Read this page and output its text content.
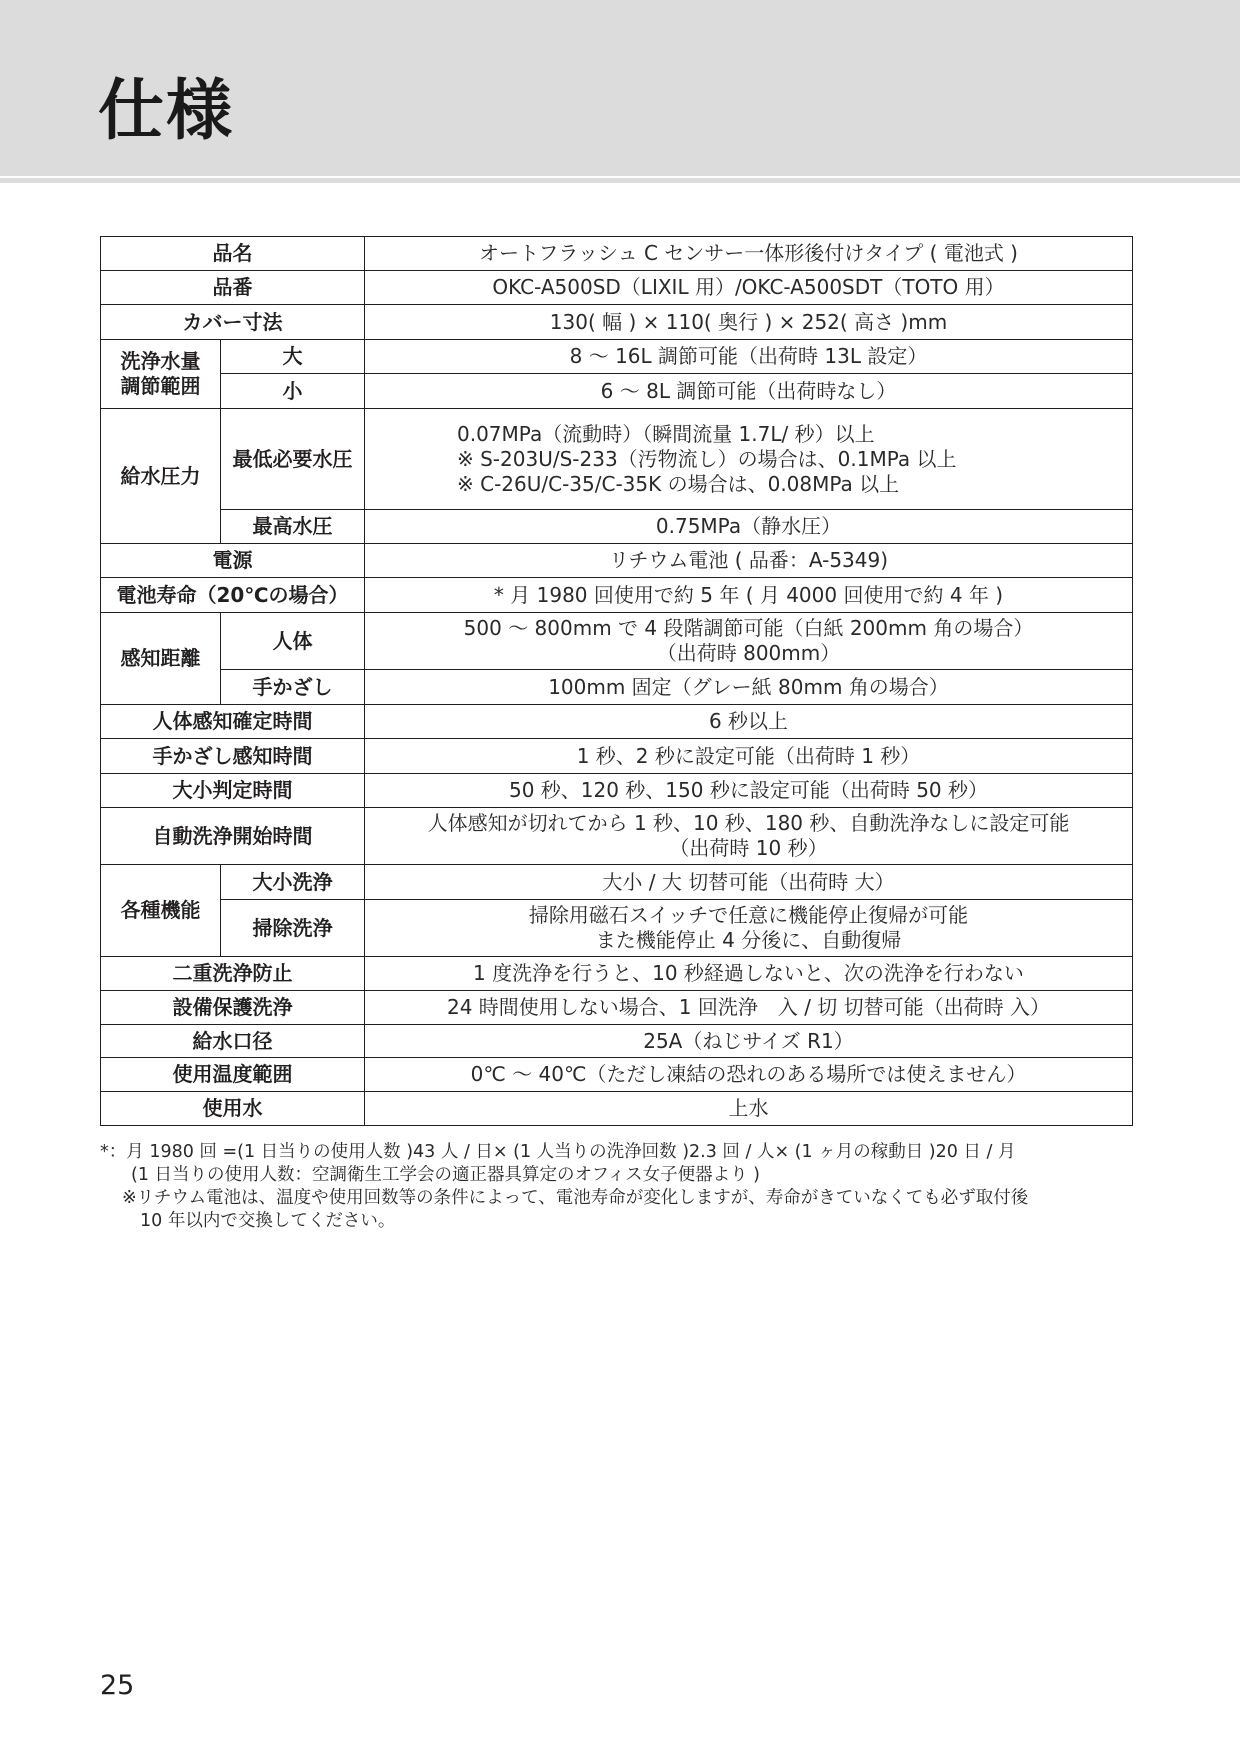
仕様
品名		オートフラッシュ C センサー一体形後付けタイプ ( 電池式 )
品番		OKC-A500SD（LIXIL 用）/OKC-A500SDT（TOTO 用）
カバー寸法		130( 幅 ) × 110( 奥行 ) × 252( 高さ )mm

洗浄水量
調節範囲	大	8 ～ 16L 調節可能（出荷時 13L 設定）
	小	6 ～ 8L 調節可能（出荷時なし）
給水圧力	最低必要水圧	0.07MPa（流動時）（瞬間流量 1.7L/ 秒）以上
※ S-203U/S-233（汚物流し）の場合は、0.1MPa 以上
※ C-26U/C-35/C-35K の場合は、0.08MPa 以上

	最高水圧	0.75MPa（静水圧）
電源		リチウム電池 ( 品番：A-5349)
電池寿命（20℃の場合）		* 月 1980 回使用で約 5 年 ( 月 4000 回使用で約 4 年 )
感知距離	人体	500 ～ 800mm で 4 段階調節可能（白紙 200mm 角の場合）
（出荷時 800mm）

	手かざし	100mm 固定（グレー紙 80mm 角の場合）
人体感知確定時間		6 秒以上
手かざし感知時間		1 秒、2 秒に設定可能（出荷時 1 秒）
大小判定時間		50 秒、120 秒、150 秒に設定可能（出荷時 50 秒）
自動洗浄開始時間		人体感知が切れてから 1 秒、10 秒、180 秒、自動洗浄なしに設定可能
（出荷時 10 秒）

各種機能	大小洗浄	大小 / 大 切替可能（出荷時 大）
	掃除洗浄	掃除用磁石スイッチで任意に機能停止復帰が可能
また機能停止 4 分後に、自動復帰

二重洗浄防止		1 度洗浄を行うと、10 秒経過しないと、次の洗浄を行わない
設備保護洗浄		24 時間使用しない場合、1 回洗浄　入 / 切 切替可能（出荷時 入）
給水口径		25A（ねじサイズ R1）
使用温度範囲		0℃ ～ 40℃（ただし凍結の恐れのある場所では使えません）
使用水		上水
*：月 1980 回 =(1 日当りの使用人数 )43 人 / 日× (1 人当りの洗浄回数 )2.3 回 / 人× (1 ヶ月の稼動日 )20 日 / 月
(1 日当りの使用人数：空調衛生工学会の適正器具算定のオフィス女子便器より )
※リチウム電池は、温度や使用回数等の条件によって、電池寿命が変化しますが、寿命がきていなくても必ず取付後
10 年以内で交換してください。
25
